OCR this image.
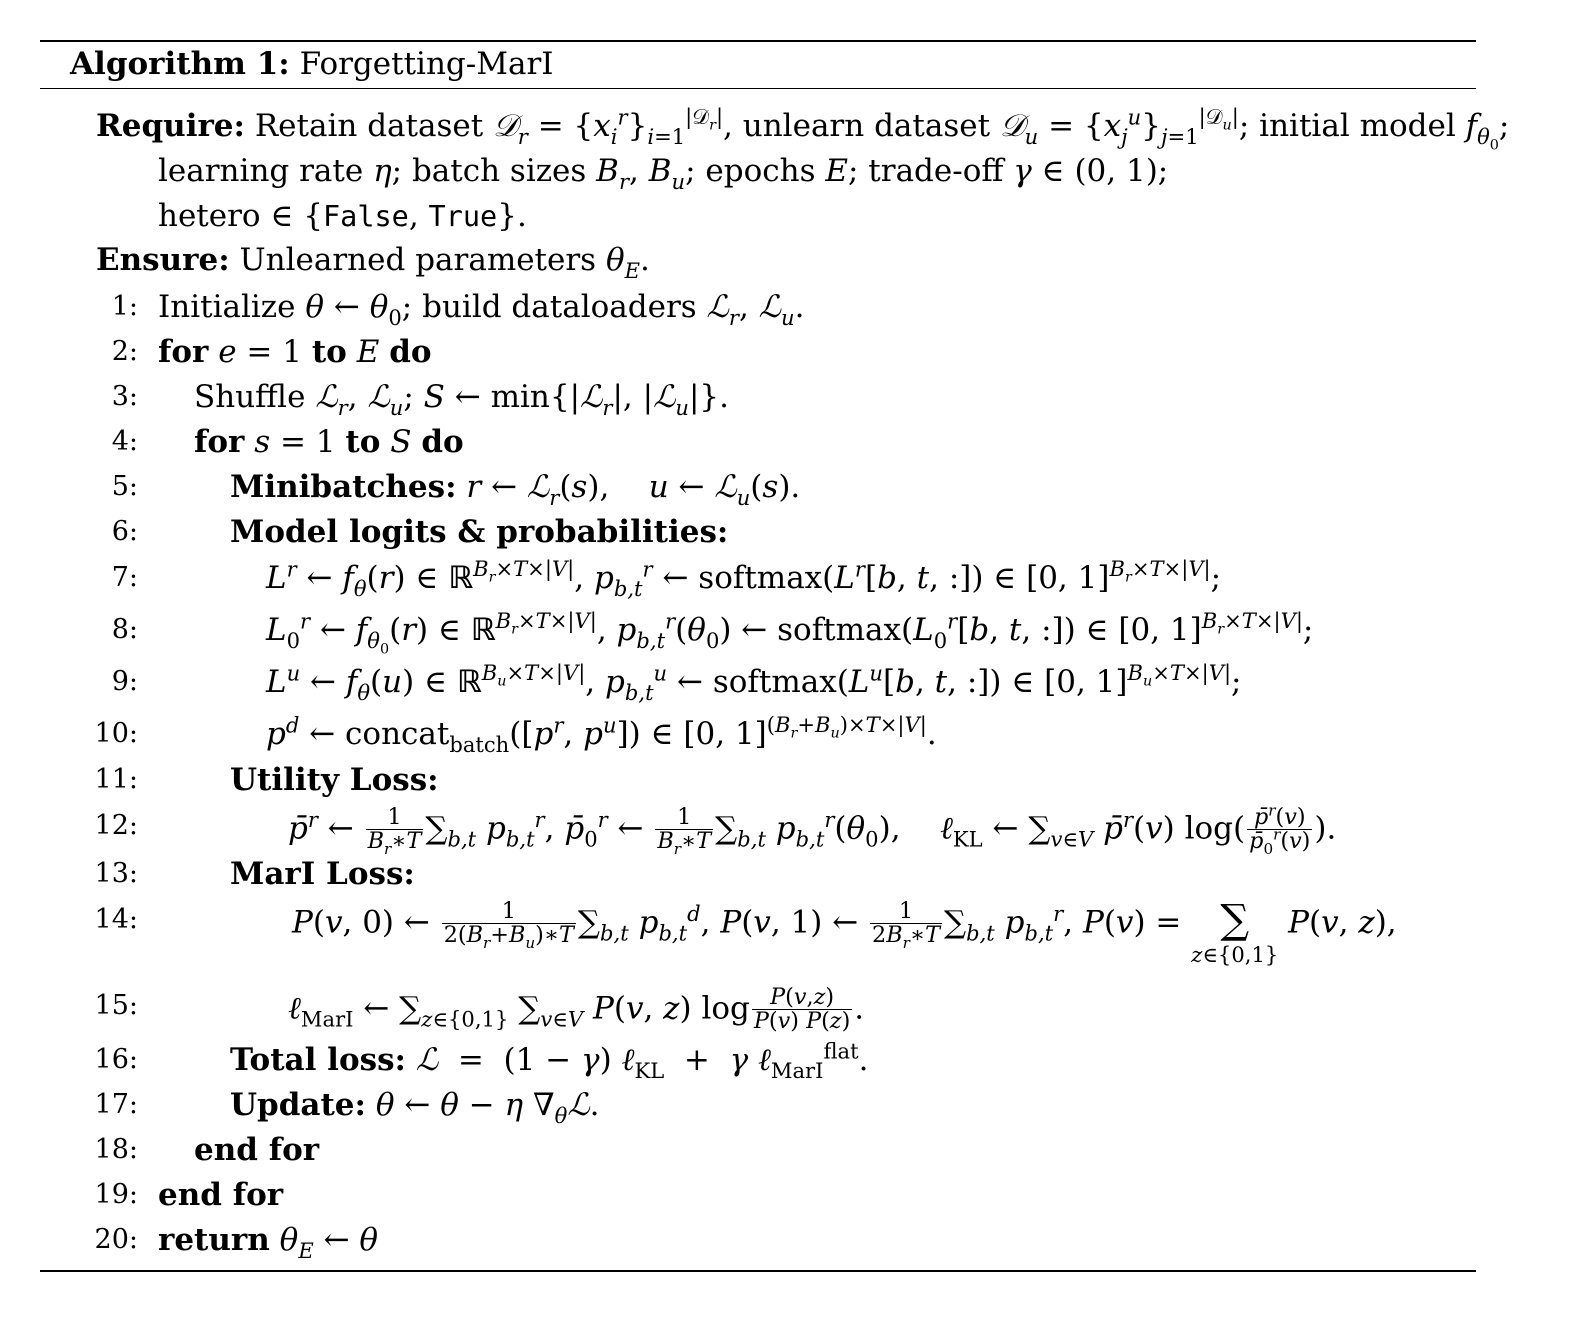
Algorithm 1: Forgetting-MarI
Require: Retain dataset 𝒟$_r$ = $\{x_i^r\}_{i=1}^{|𝒟_r|}$, unlearn dataset 𝒟$_u$ = $\{x_j^u\}_{j=1}^{|𝒟_u|}$; initial model $f_{\theta_0}$;
learning rate η; batch sizes $B_r$, $B_u$; epochs E; trade-off γ ∈ (0, 1);
hetero ∈ {False, True}.
Ensure: Unlearned parameters $\theta_E$.
1: Initialize θ ← $\theta_0$; build dataloaders ℒ$_r$, ℒ$_u$.
2: for e = 1 to E do
3: Shuffle ℒ$_r$, ℒ$_u$; S ← min{|ℒ$_r$|, |ℒ$_u$|}.
4: for s = 1 to S do
5:	Minibatches: r ← ℒ$_r$(s),    u ← ℒ$_u$(s).
6:	Model logits & probabilities:
7:	$L^r$ ← $f_\theta(r)$ ∈ ℝ$^{B_r\times T\times|V|}$, $p_{b,t}^r$ ← $softmax(L^r[b$, t, :]) ∈ [0, 1]$^{B_r\times T\times|V|}$;
8:	$L_0^r$ ← $f_{\theta_0}(r)$ ∈ ℝ$^{B_r\times T\times|V|}$, $p_{b,t}^r(\theta_0)$ ← $softmax(L_0^r[b$, t, :]) ∈ [0, 1]$^{B_r\times T\times|V|}$;
9:	$L^u$ ← $f_\theta(u)$ ∈ ℝ$^{B_u\times T\times|V|}$, $p_{b,t}^u$ ← $softmax(L^u[b$, t, :]) ∈ [0, 1]$^{B_u\times T\times|V|}$;
10:	$p^d$ ← $concat_{batch}([p^r$, $p^u$]) ∈ [0, 1]$^{(B_r+B_u)\times T\times|V|}$.
11:	Utility Loss:
12:	p̄$^r$ ← $\frac{1}{B_r∗T} \sum_{b,t}$ $p_{b,t}^r$, $p̄_0^r$ ← $\frac{1}{B_r∗T} \sum_{b,t}$ $p_{b,t}^r(\theta_0)$,    ℓ$_{KL}$ ← $\sum_{v\in V}$ p̄$^r$(v) $\log( \frac{p̄^r(v)}{p̄_0^r(v)}$ ).
13:	MarI Loss:
14:	P(v, 0) ← $\frac{1}{2(B_r+B_u)∗T} \sum_{b,t}$ $p_{b,t}^d$, P(v, 1) ← $\frac{1}{2B_r∗T} \sum_{b,t}$ $p_{b,t}^r$, P(v) = ∑
z∈{0,1}
P(v, z),
15:	ℓ$_{MarI}$ ← $\sum_{z\in\{0,1\}}$ $\sum_{v\in V}$ P(v, z) $\log \frac{P(v,z)}{P(v) P(z)}$ .
16:	Total loss: ℒ  =  (1 − γ) ℓ$_{KL}$  +  γ ℓ$_{MarI}^{flat}$.
17:	Update: θ ← θ − η $\nabla_\theta ℒ$.
18: end for
19: end for
20: return $\theta_E$ ← θ
